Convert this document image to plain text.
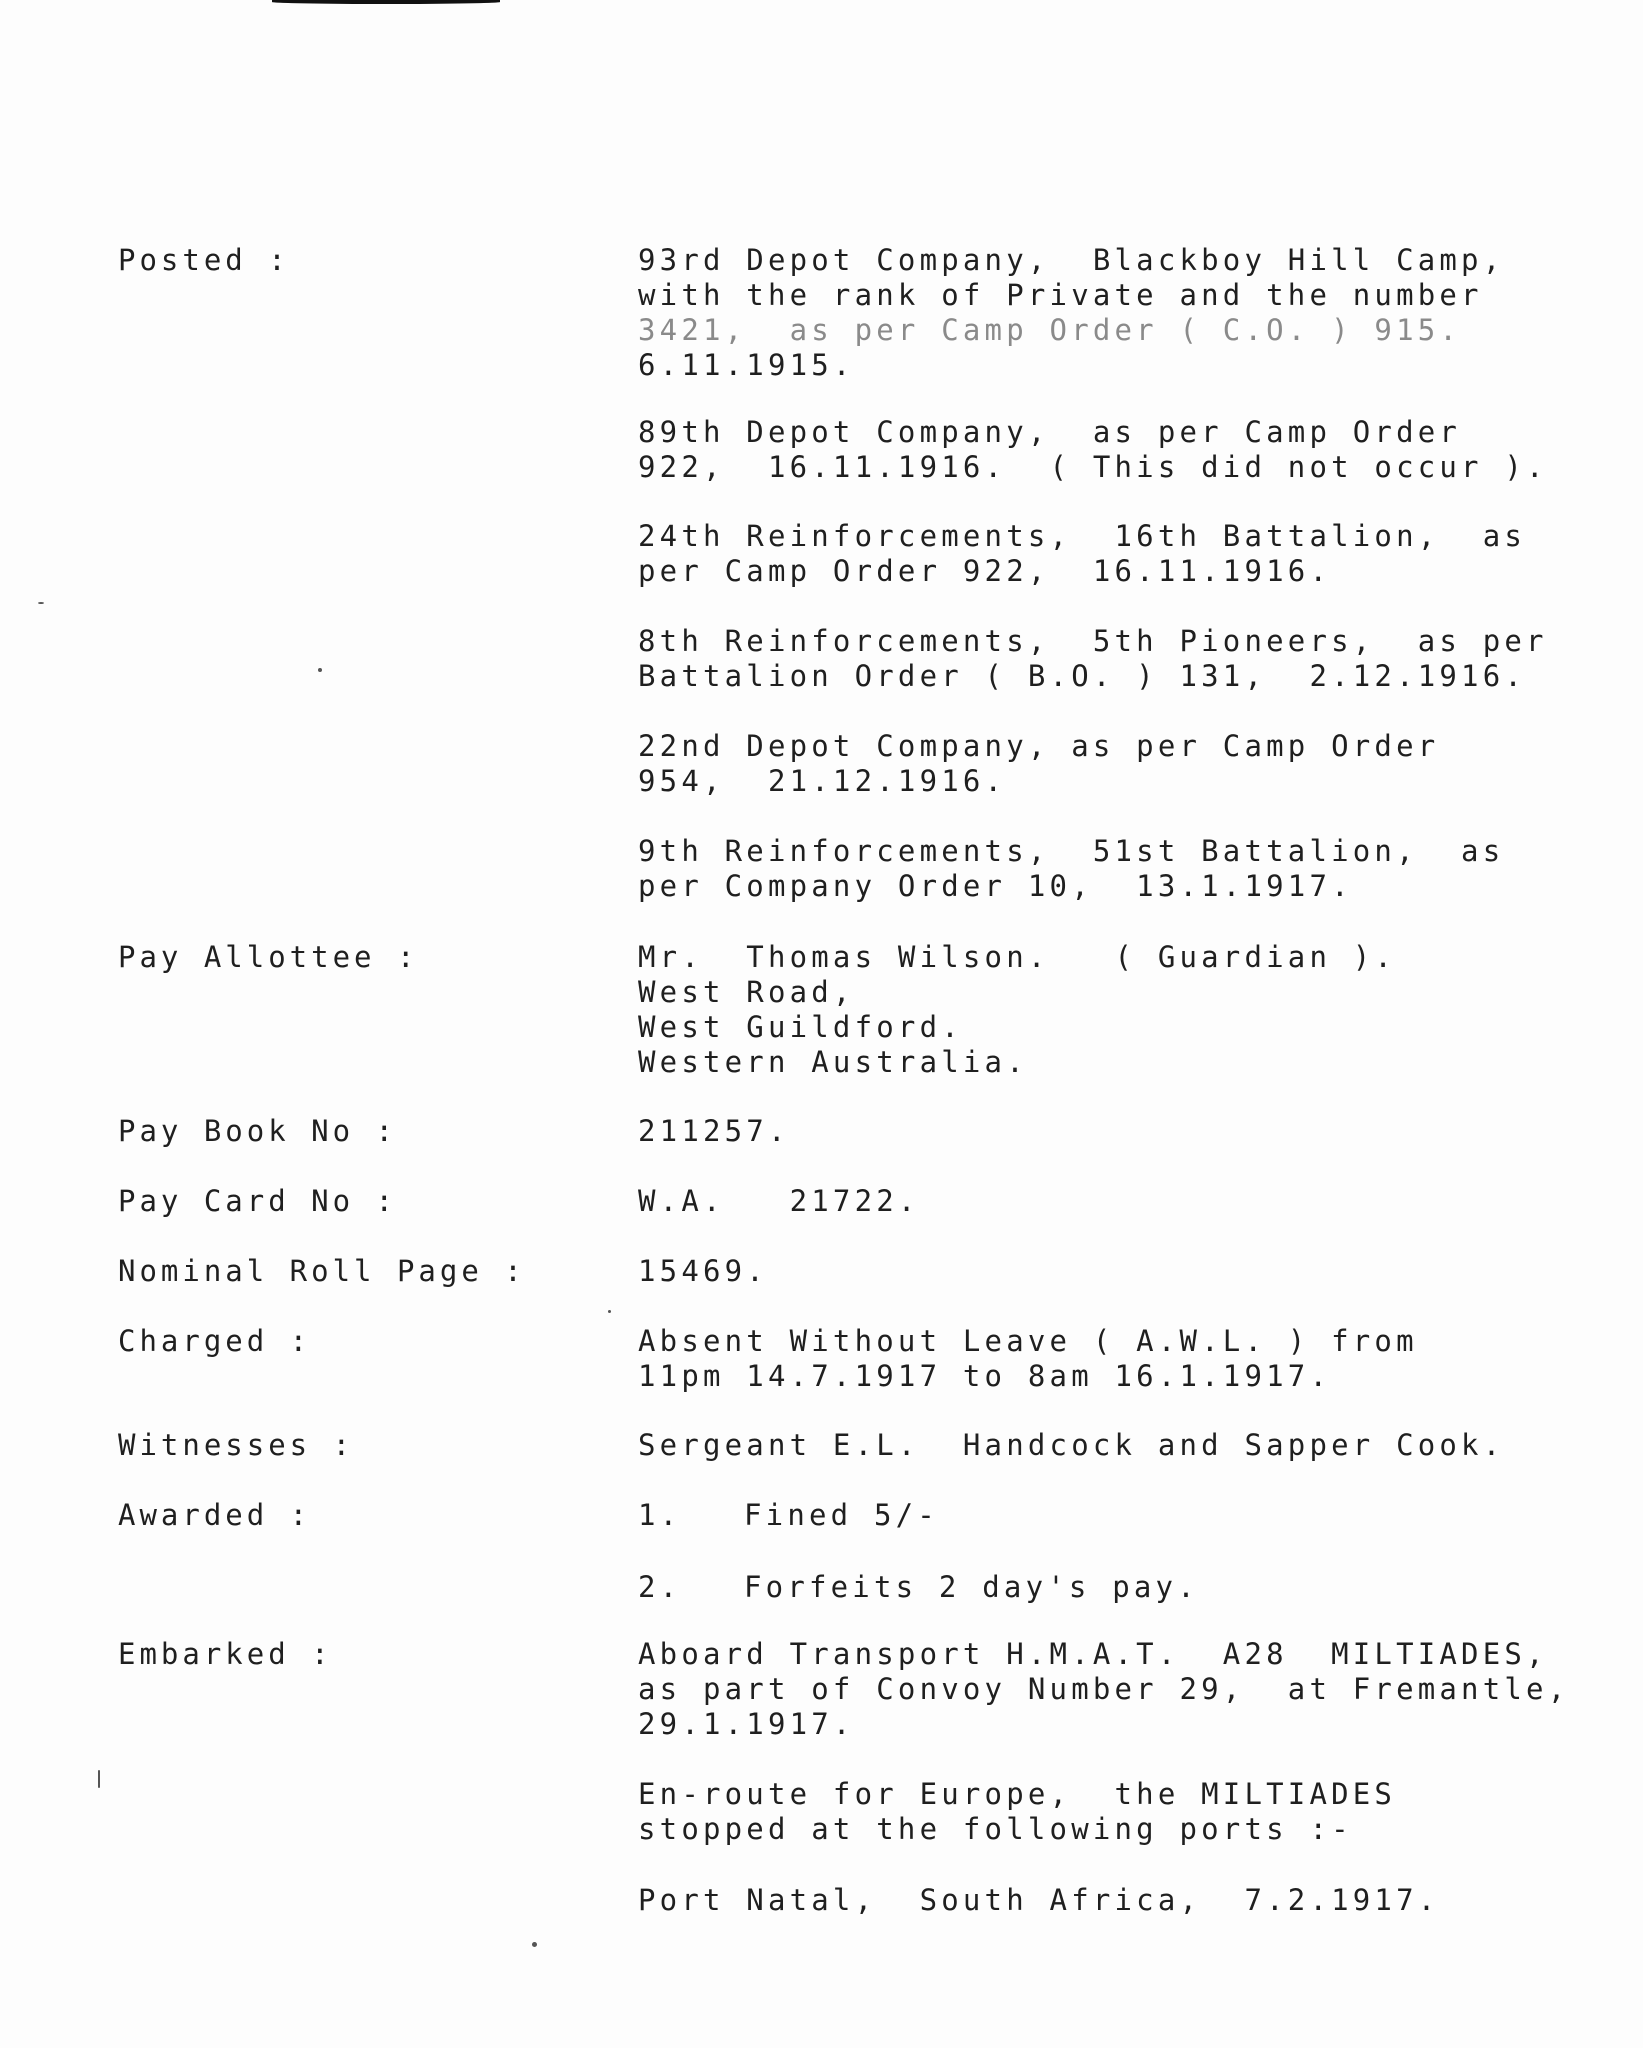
Posted :	93rd Depot Company,  Blackboy Hill Camp,
with the rank of Private and the number
3421,  as per Camp Order ( C.O. ) 915.
6.11.1915.
89th Depot Company,  as per Camp Order
922,  16.11.1916.  ( This did not occur ).
24th Reinforcements,  16th Battalion,  as
per Camp Order 922,  16.11.1916.
8th Reinforcements,  5th Pioneers,  as per
Battalion Order ( B.O. ) 131,  2.12.1916.
22nd Depot Company, as per Camp Order
954,  21.12.1916.
9th Reinforcements,  51st Battalion,  as
per Company Order 10,  13.1.1917.
Pay Allottee :	Mr.  Thomas Wilson.   ( Guardian ).
West Road,
West Guildford.
Western Australia.
Pay Book No :	211257.
Pay Card No :	W.A.   21722.
Nominal Roll Page :	15469.
Charged :	Absent Without Leave ( A.W.L. ) from
11pm 14.7.1917 to 8am 16.1.1917.
Witnesses :	Sergeant E.L.  Handcock and Sapper Cook.
Awarded :	1. Fined 5/-
2. Forfeits 2 day's pay.
Embarked :	Aboard Transport H.M.A.T.  A28  MILTIADES,
as part of Convoy Number 29,  at Fremantle,
29.1.1917.
En-route for Europe,  the MILTIADES
stopped at the following ports :-
Port Natal,  South Africa,  7.2.1917.
